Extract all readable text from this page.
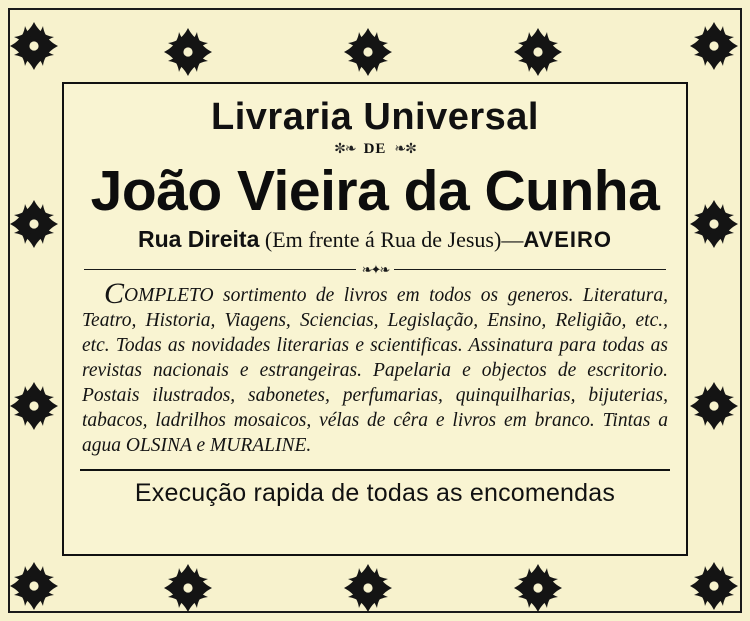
Livraria Universal
✼❧ DE ❧✼
João Vieira da Cunha
Rua Direita (Em frente á Rua de Jesus)—AVEIRO
❧✦❧
COMPLETO sortimento de livros em todos os generos. Literatura, Teatro, Historia, Viagens, Sciencias, Legislação, Ensino, Religião, etc., etc. Todas as novidades literarias e scientificas. Assinatura para todas as revistas nacionais e estrangeiras. Papelaria e objectos de escritorio. Postais ilustrados, sabonetes, perfumarias, quinquilharias, bijuterias, tabacos, ladrilhos mosaicos, vélas de cêra e livros em branco. Tintas a agua OLSINA e MURALINE.
Execução rapida de todas as encomendas
